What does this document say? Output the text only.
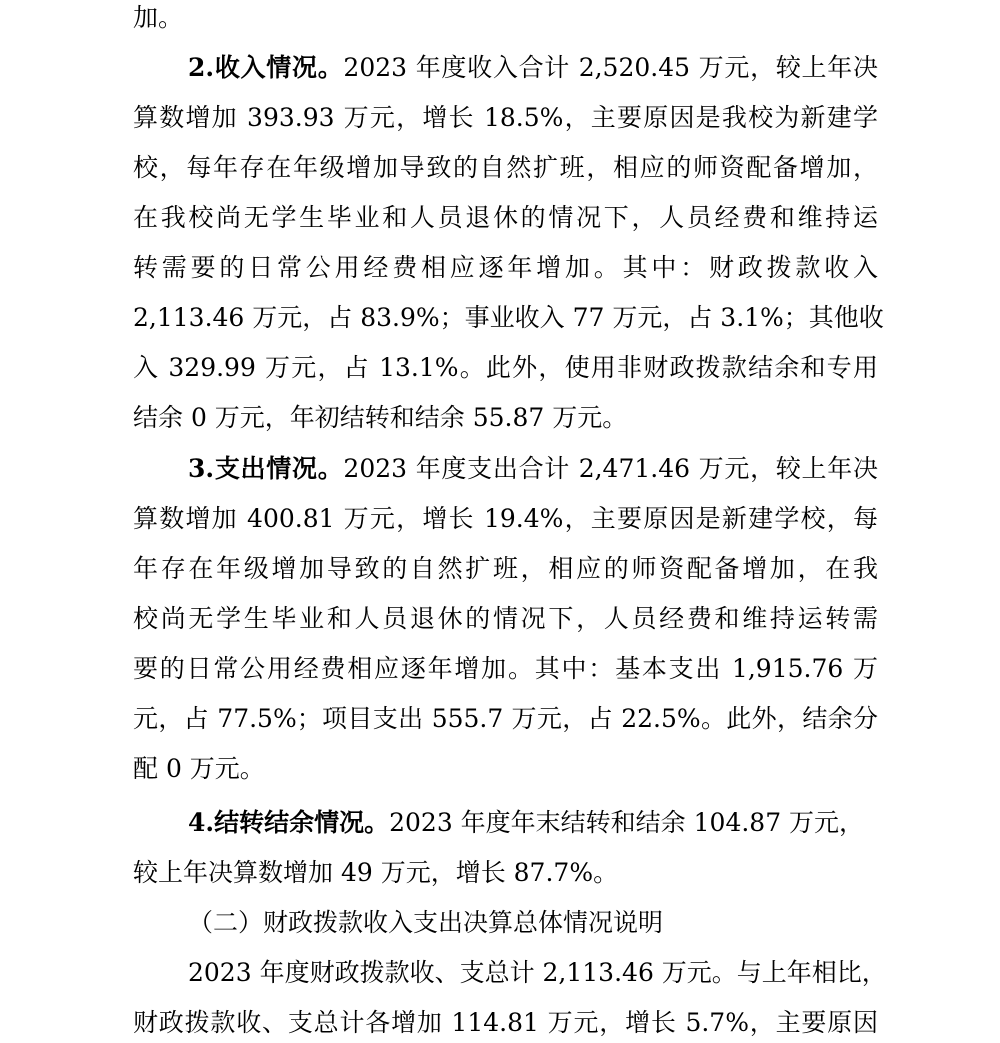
加。
2.收入情况。2023 年度收入合计 2,520.45 万元，较上年决
算数增加 393.93 万元，增长 18.5%，主要原因是我校为新建学
校，每年存在年级增加导致的自然扩班，相应的师资配备增加，
在我校尚无学生毕业和人员退休的情况下，人员经费和维持运
转需要的日常公用经费相应逐年增加。其中：财政拨款收入
2,113.46 万元，占 83.9%；事业收入 77 万元，占 3.1%；其他收
入 329.99 万元，占 13.1%。此外，使用非财政拨款结余和专用
结余 0 万元，年初结转和结余 55.87 万元。
3.支出情况。2023 年度支出合计 2,471.46 万元，较上年决
算数增加 400.81 万元，增长 19.4%，主要原因是新建学校，每
年存在年级增加导致的自然扩班，相应的师资配备增加，在我
校尚无学生毕业和人员退休的情况下，人员经费和维持运转需
要的日常公用经费相应逐年增加。其中：基本支出 1,915.76 万
元，占 77.5%；项目支出 555.7 万元，占 22.5%。此外，结余分
配 0 万元。
4.结转结余情况。2023 年度年末结转和结余 104.87 万元，
较上年决算数增加 49 万元，增长 87.7%。
（二）财政拨款收入支出决算总体情况说明
2023 年度财政拨款收、支总计 2,113.46 万元。与上年相比，
财政拨款收、支总计各增加 114.81 万元，增长 5.7%，主要原因
